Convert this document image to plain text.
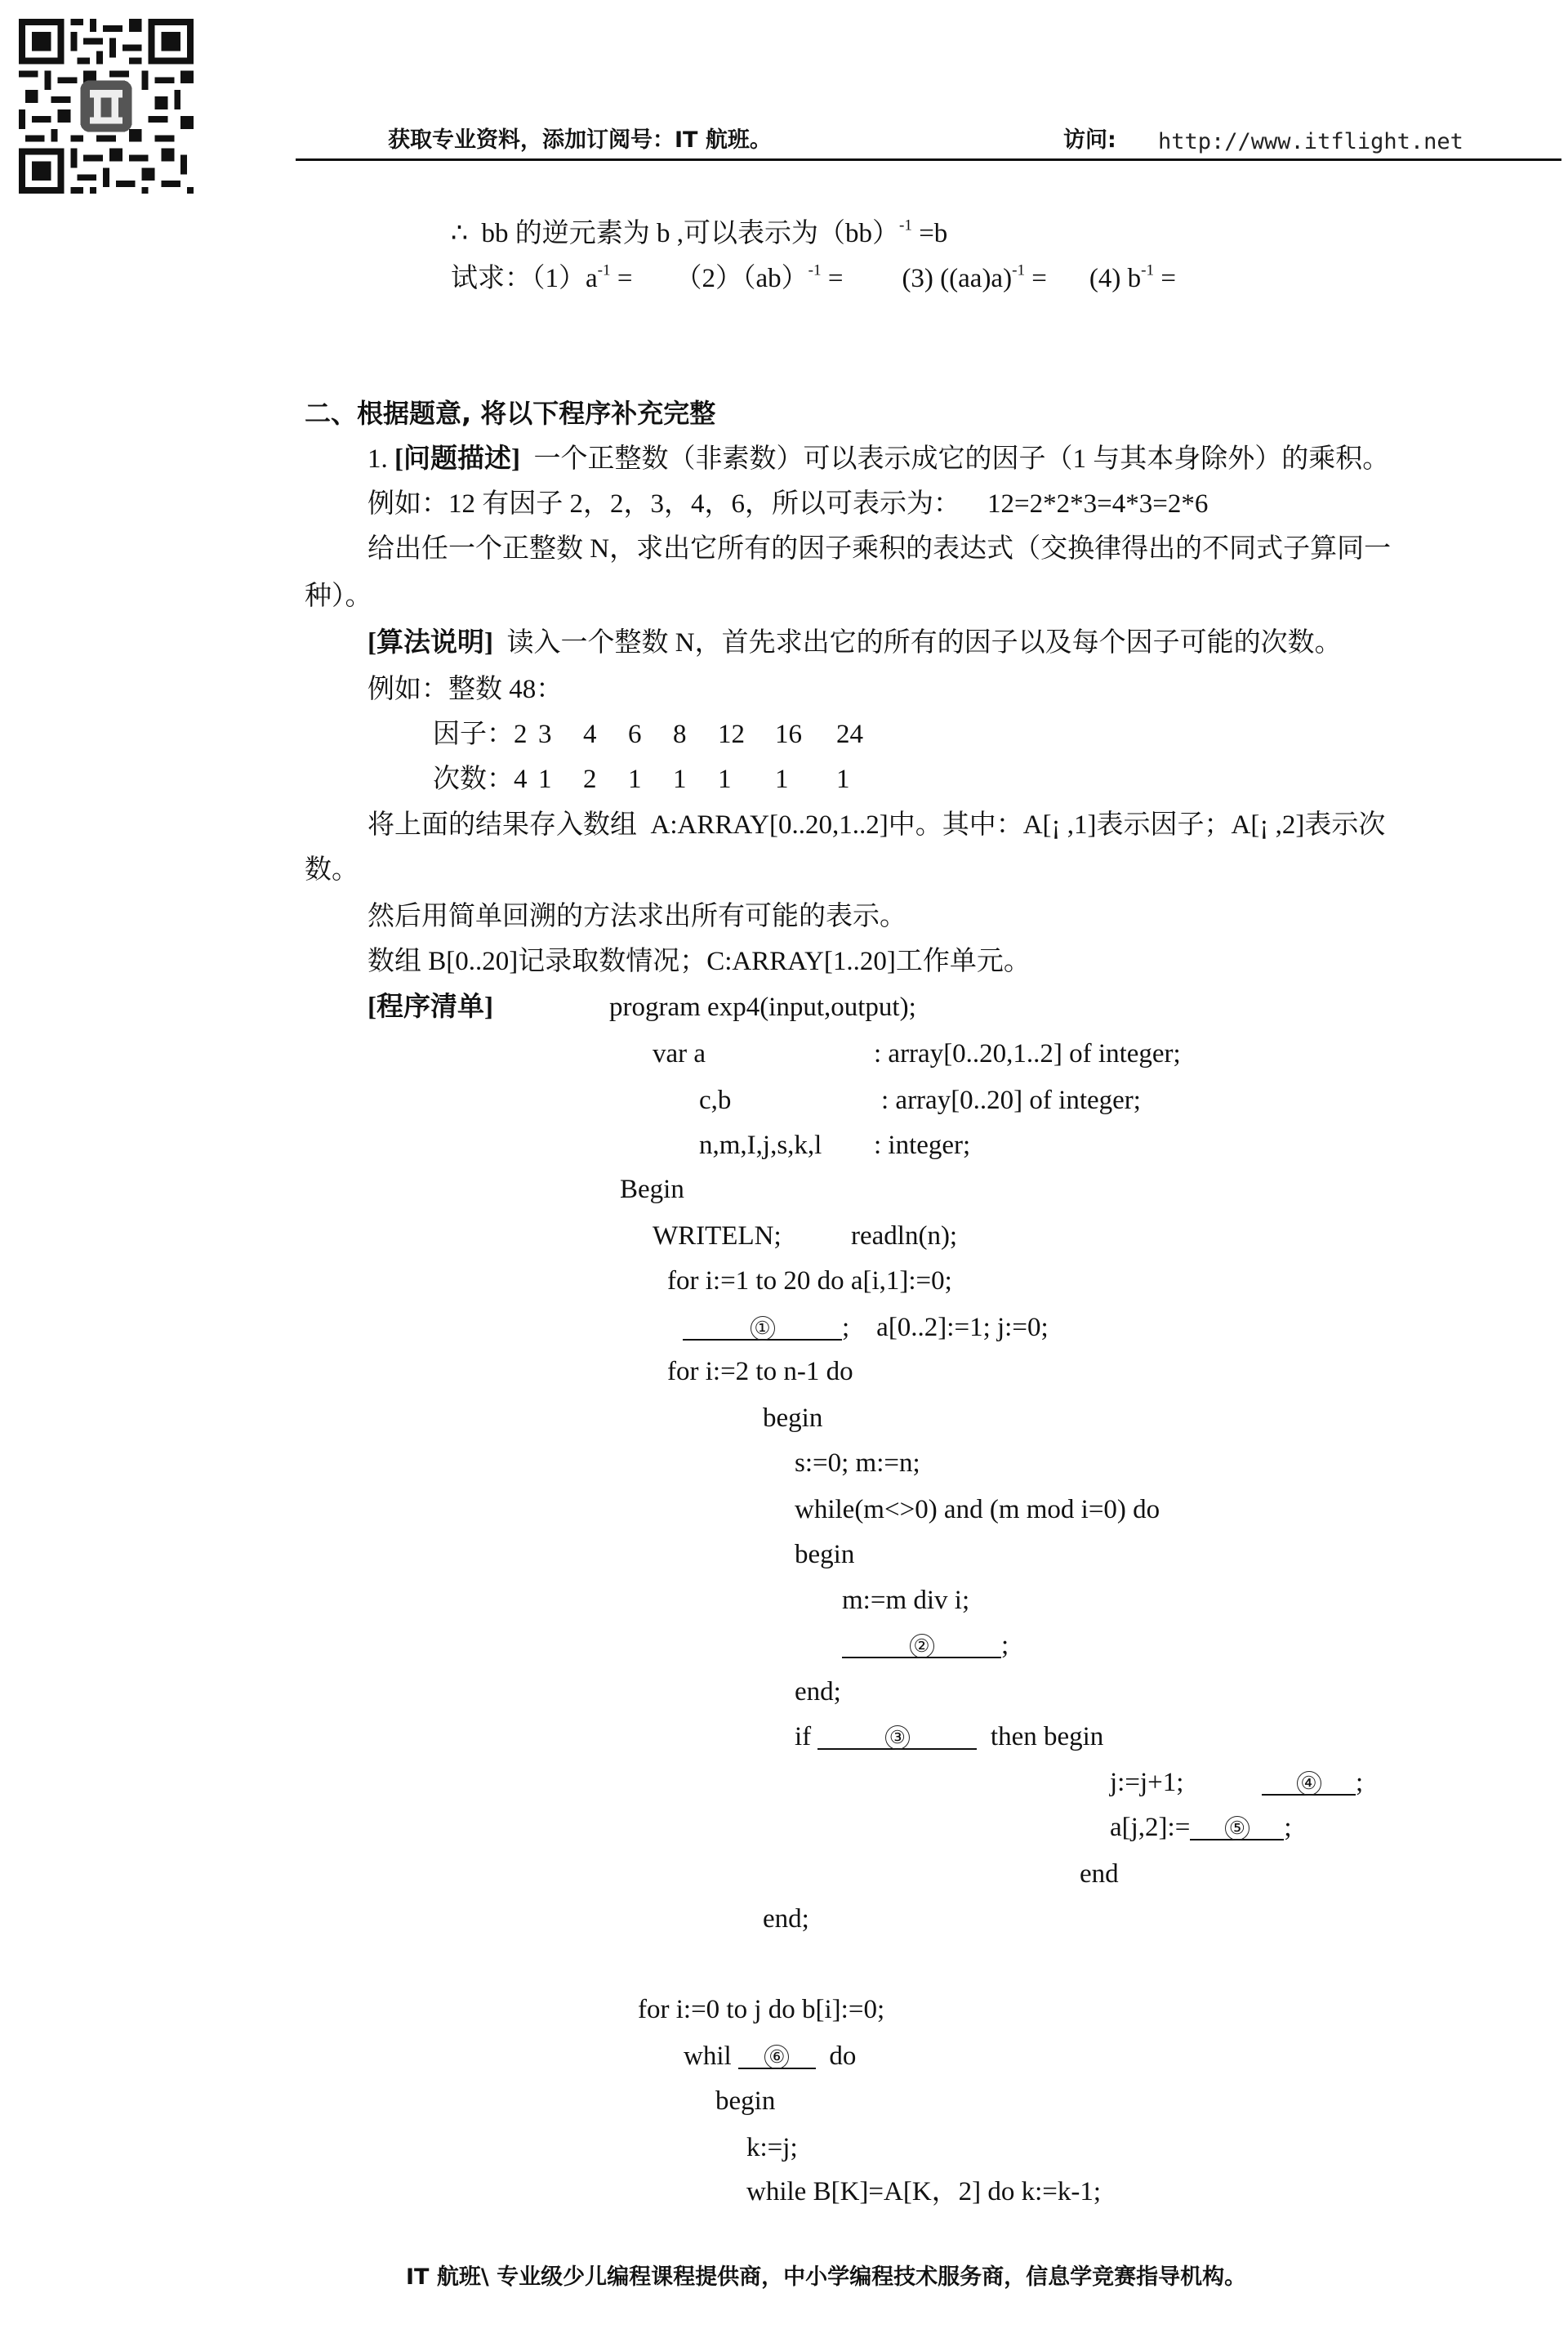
获取专业资料，添加订阅号：IT 航班。	访问: http://www.itflight.net
∴  bb 的逆元素为 b ,可以表示为（bb）$^{-1}$ =b
试求：$(1)a^{-1} = (2)(ab)^{-1} = (3) ((aa)a)^{-1} = (4) b^{-1}$ =
二、根据题意, 将以下程序补充完整
1. [问题描述]  一个正整数（非素数）可以表示成它的因子（1 与其本身除外）的乘积。
例如：12 有因子 2，2，3，4，6，所以可表示为：    12=2*2*3=4*3=2*6
给出任一个正整数 N，求出它所有的因子乘积的表达式（交换律得出的不同式子算同一
种）。
[算法说明]  读入一个整数 N，首先求出它的所有的因子以及每个因子可能的次数。
例如：整数 48：
因子：2 3 4 6 8 12 16 24
次数：4 1 2 1 1 1 1 1
将上面的结果存入数组  A:ARRAY[0..20,1..2]中。其中：A[¡ ,1]表示因子；A[¡ ,2]表示次
数。
然后用简单回溯的方法求出所有可能的表示。
数组 B[0..20]记录取数情况；C:ARRAY[1..20]工作单元。
[程序清单]	program exp4(input,output);
var a	: array[0..20,1..2] of integer;
c,b	: array[0..20] of integer;
n,m,I,j,s,k,l : integer;
Begin
WRITELN;	readln(n);
for i:=1 to 20 do a[i,1]:=0;
①	;    a[0..2]:=1; j:=0;
for i:=2 to n-1 do
begin
s:=0; m:=n;
while(m<>0) and (m mod i=0) do
begin
m:=m div i;
②	;
end;
if	③	then begin
j:=j+1;	④ ;
a[j,2]:= ⑤ ;
end
end;
for i:=0 to j do b[i]:=0;
whil ⑥  do
begin
k:=j;
while B[K]=A[K，2] do k:=k-1;
IT 航班\ 专业级少儿编程课程提供商，中小学编程技术服务商，信息学竞赛指导机构。
